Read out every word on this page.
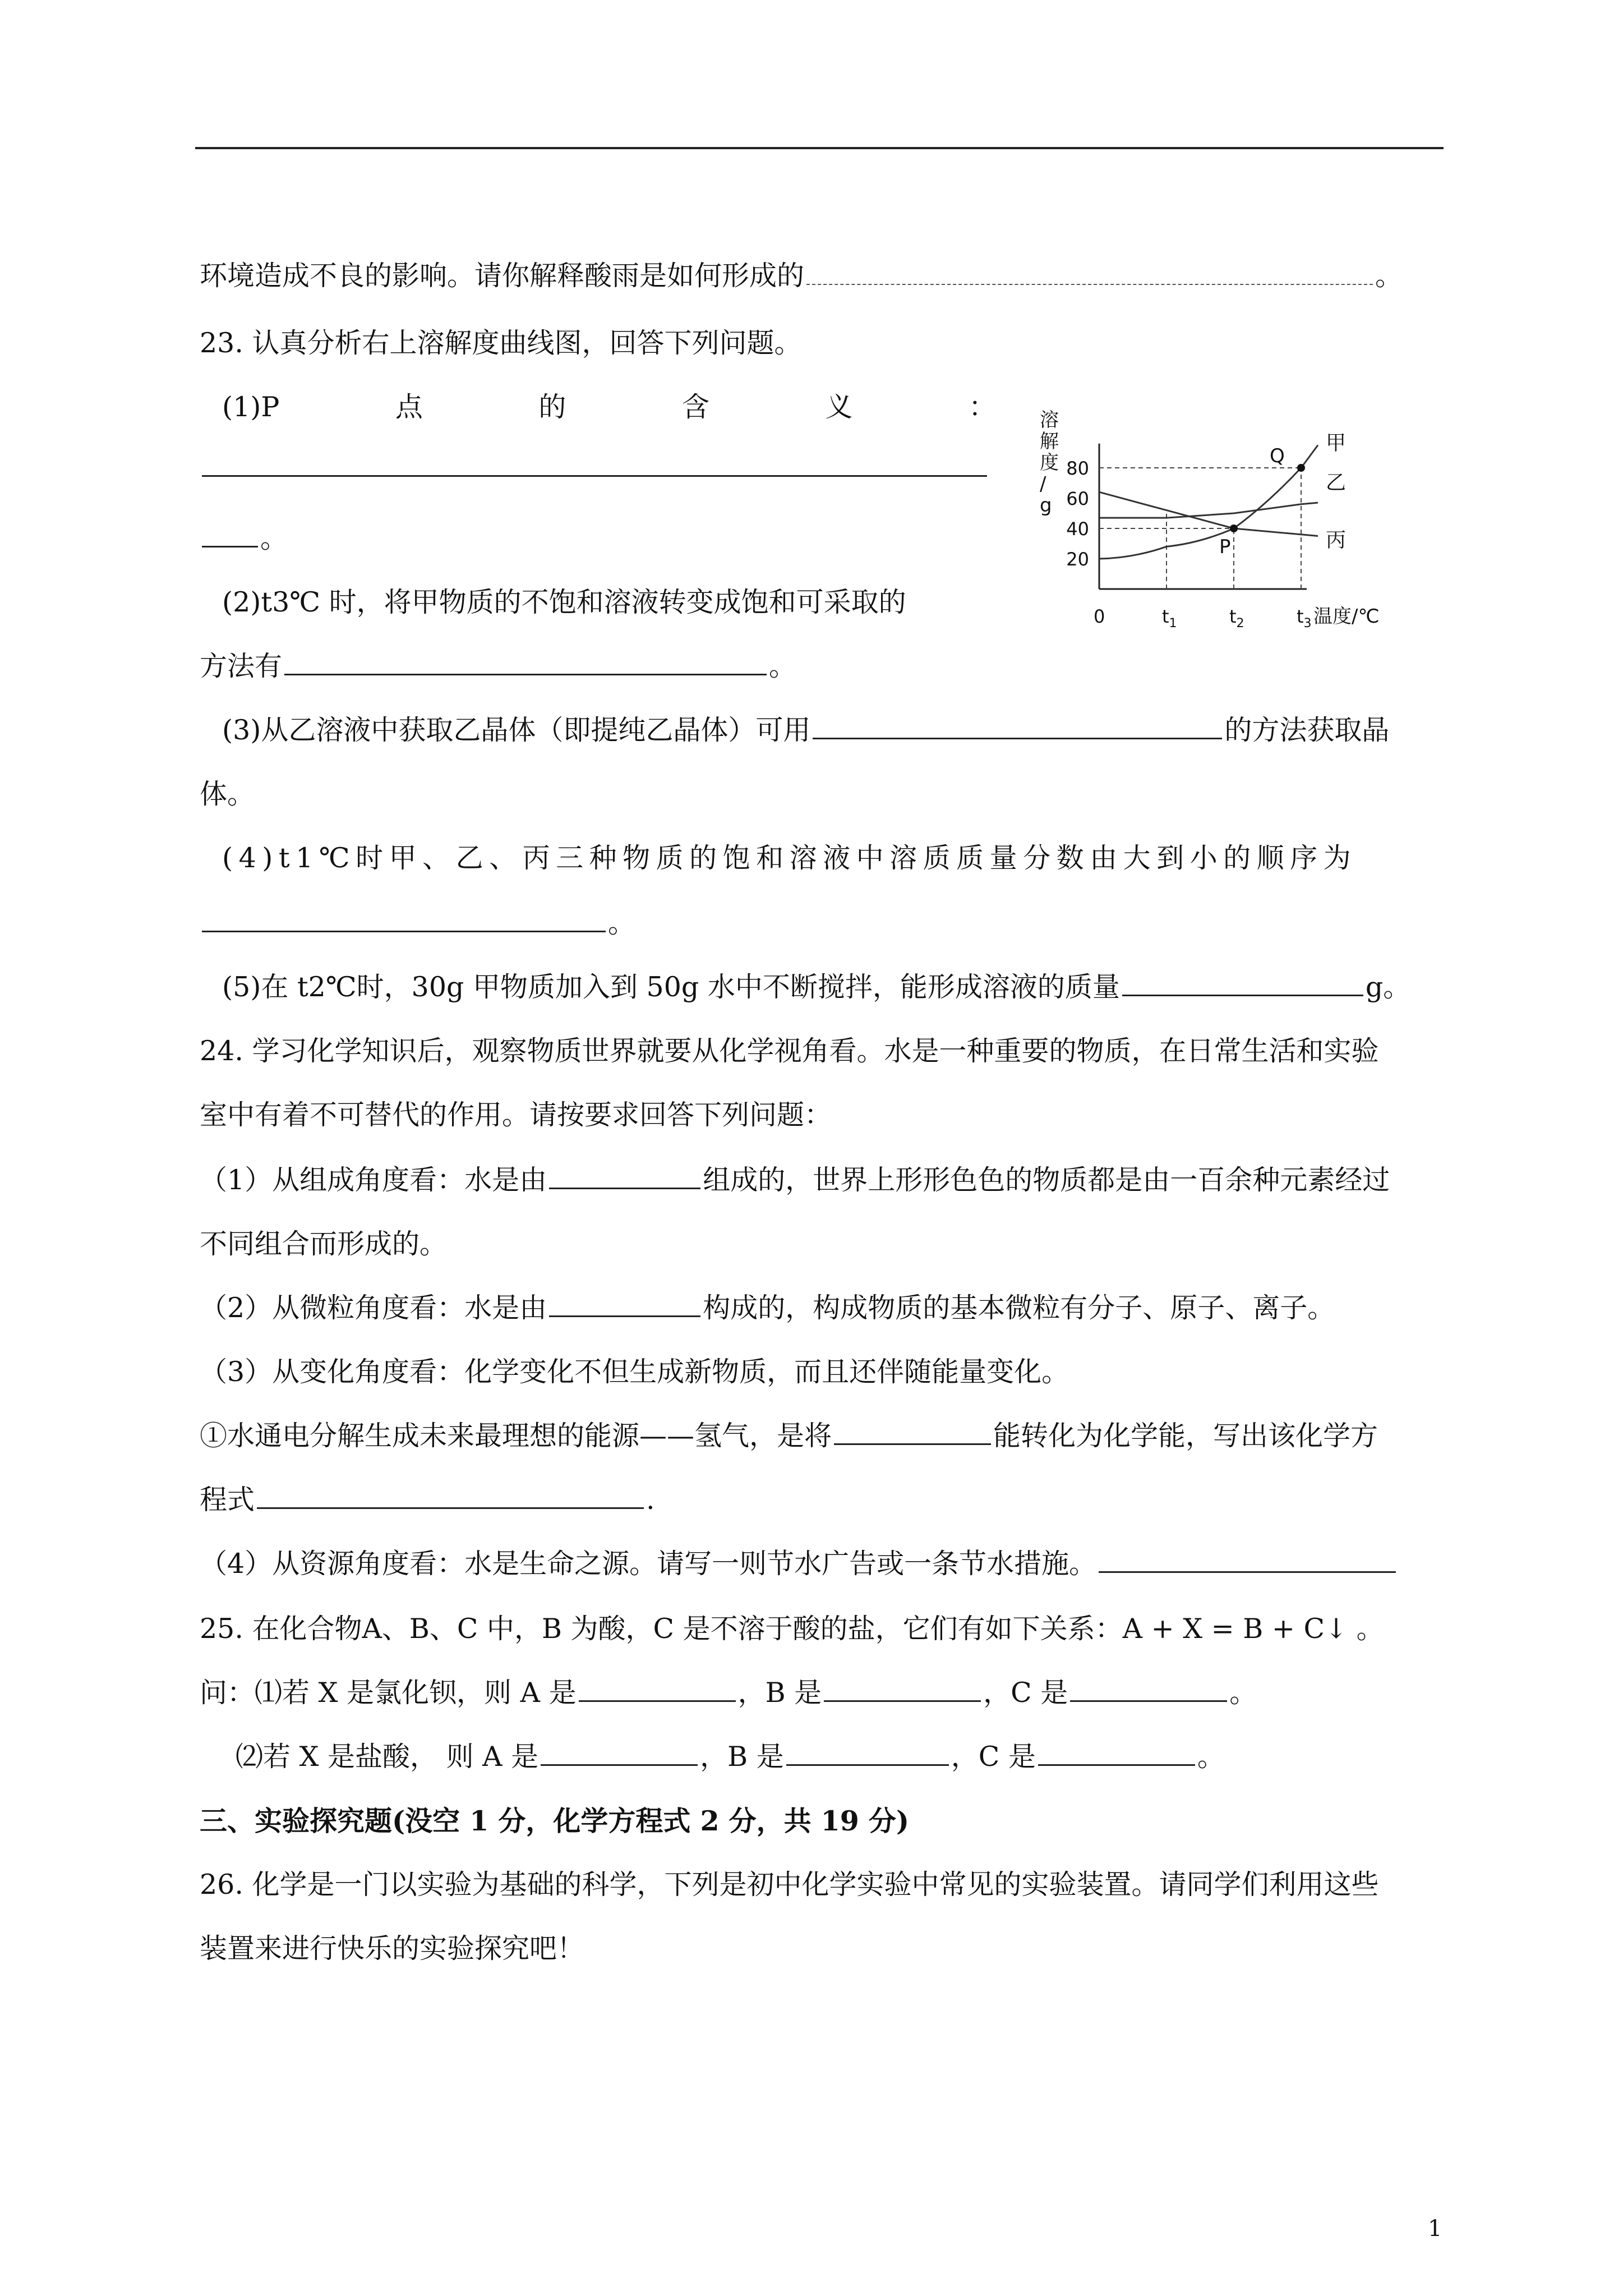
环境造成不良的影响。请你解释酸雨是如何形成的	。
23. 认真分析右上溶解度曲线图，回答下列问题。
(1)P	点	的	含	义	：
。
(2)t3℃ 时，将甲物质的不饱和溶液转变成饱和可采取的
方法有	。
溶
解
度
/
g
20
40
60
80
0	$t_1$	$t_2$	$t_3$ 温度/℃
甲
乙
丙
P
Q
(3)从乙溶液中获取乙晶体（即提纯乙晶体）可用	的方法获取晶
体。
(4)t1℃时甲、乙、丙三种物质的饱和溶液中溶质质量分数由大到小的顺序为
。
(5)在 t2℃时，30g 甲物质加入到 50g 水中不断搅拌，能形成溶液的质量	g。
24. 学习化学知识后，观察物质世界就要从化学视角看。水是一种重要的物质，在日常生活和实验
室中有着不可替代的作用。请按要求回答下列问题：
（1）从组成角度看：水是由	组成的，世界上形形色色的物质都是由一百余种元素经过
不同组合而形成的。
（2）从微粒角度看：水是由	构成的，构成物质的基本微粒有分子、原子、离子。
（3）从变化角度看：化学变化不但生成新物质，而且还伴随能量变化。
①水通电分解生成未来最理想的能源——氢气，是将	能转化为化学能，写出该化学方
程式	.
（4）从资源角度看：水是生命之源。请写一则节水广告或一条节水措施。
25. 在化合物A、B、C 中，B 为酸，C 是不溶于酸的盐，它们有如下关系：A + X = B + C↓ 。
问：⑴若 X 是氯化钡，则 A 是	，B 是	，C 是	。
⑵若 X 是盐酸， 则 A 是	，B 是	，C 是	。
三、实验探究题(没空 1 分，化学方程式 2 分，共 19 分)
26. 化学是一门以实验为基础的科学，下列是初中化学实验中常见的实验装置。请同学们利用这些
装置来进行快乐的实验探究吧！
1
